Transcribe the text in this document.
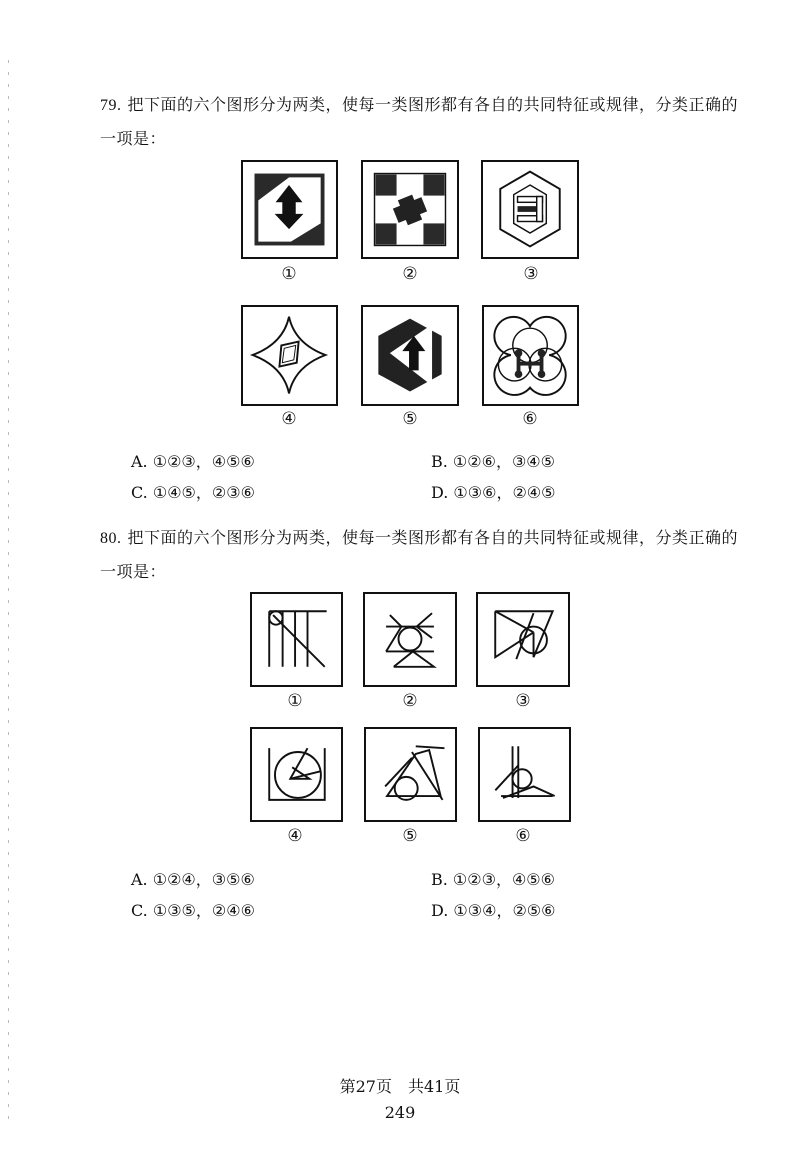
79. 把下面的六个图形分为两类，使每一类图形都有各自的共同特征或规律，分类正确的一项是：
①	②	③
④	⑤	⑥
A. ①②③，④⑤⑥	B. ①②⑥，③④⑤
C. ①④⑤，②③⑥	D. ①③⑥，②④⑤
80. 把下面的六个图形分为两类，使每一类图形都有各自的共同特征或规律，分类正确的一项是：
①	②	③
④	⑤	⑥
A. ①②④，③⑤⑥	B. ①②③，④⑤⑥
C. ①③⑤，②④⑥	D. ①③④，②⑤⑥
第27页　共41页
249
